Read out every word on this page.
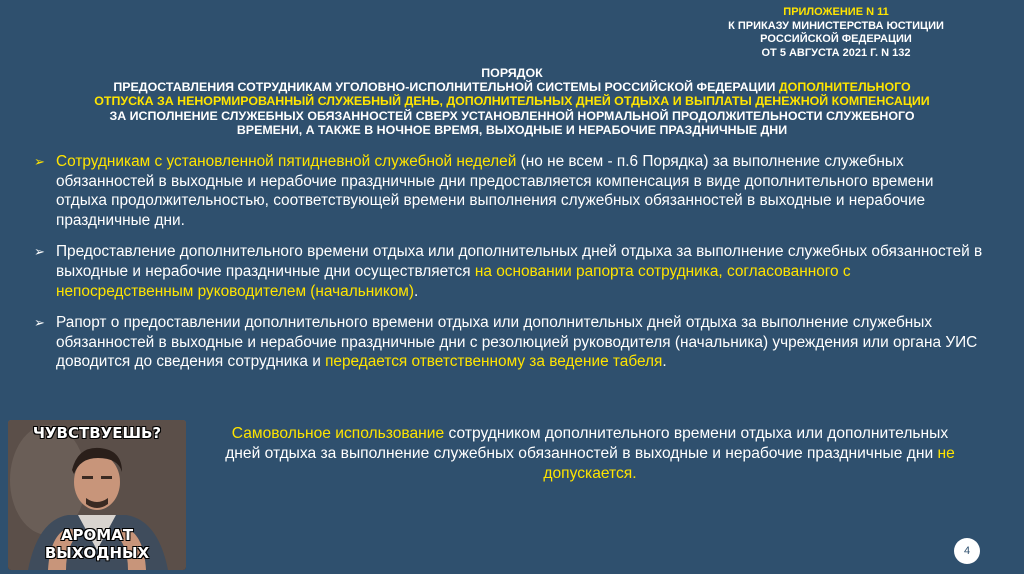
ПРИЛОЖЕНИЕ N 11
К ПРИКАЗУ МИНИСТЕРСТВА ЮСТИЦИИ
РОССИЙСКОЙ ФЕДЕРАЦИИ
ОТ 5 АВГУСТА 2021 Г. N 132
ПОРЯДОК
ПРЕДОСТАВЛЕНИЯ СОТРУДНИКАМ УГОЛОВНО-ИСПОЛНИТЕЛЬНОЙ СИСТЕМЫ РОССИЙСКОЙ ФЕДЕРАЦИИ ДОПОЛНИТЕЛЬНОГО
ОТПУСКА ЗА НЕНОРМИРОВАННЫЙ СЛУЖЕБНЫЙ ДЕНЬ, ДОПОЛНИТЕЛЬНЫХ ДНЕЙ ОТДЫХА И ВЫПЛАТЫ ДЕНЕЖНОЙ КОМПЕНСАЦИИ
ЗА ИСПОЛНЕНИЕ СЛУЖЕБНЫХ ОБЯЗАННОСТЕЙ СВЕРХ УСТАНОВЛЕННОЙ НОРМАЛЬНОЙ ПРОДОЛЖИТЕЛЬНОСТИ СЛУЖЕБНОГО
ВРЕМЕНИ, А ТАКЖЕ В НОЧНОЕ ВРЕМЯ, ВЫХОДНЫЕ И НЕРАБОЧИЕ ПРАЗДНИЧНЫЕ ДНИ
➢ Сотрудникам с установленной пятидневной служебной неделей (но не всем - п.6 Порядка) за выполнение служебных обязанностей в выходные и нерабочие праздничные дни предоставляется компенсация в виде дополнительного времени отдыха продолжительностью, соответствующей времени выполнения служебных обязанностей в выходные и нерабочие праздничные дни.
➢ Предоставление дополнительного времени отдыха или дополнительных дней отдыха за выполнение служебных обязанностей в выходные и нерабочие праздничные дни осуществляется на основании рапорта сотрудника, согласованного с непосредственным руководителем (начальником).
➢ Рапорт о предоставлении дополнительного времени отдыха или дополнительных дней отдыха за выполнение служебных обязанностей в выходные и нерабочие праздничные дни с резолюцией руководителя (начальника) учреждения или органа УИС доводится до сведения сотрудника и передается ответственному за ведение табеля.
ЧУВСТВУЕШЬ?
АРОМАТ ВЫХОДНЫХ
Самовольное использование сотрудником дополнительного времени отдыха или дополнительных дней отдыха за выполнение служебных обязанностей в выходные и нерабочие праздничные дни не допускается.
4
